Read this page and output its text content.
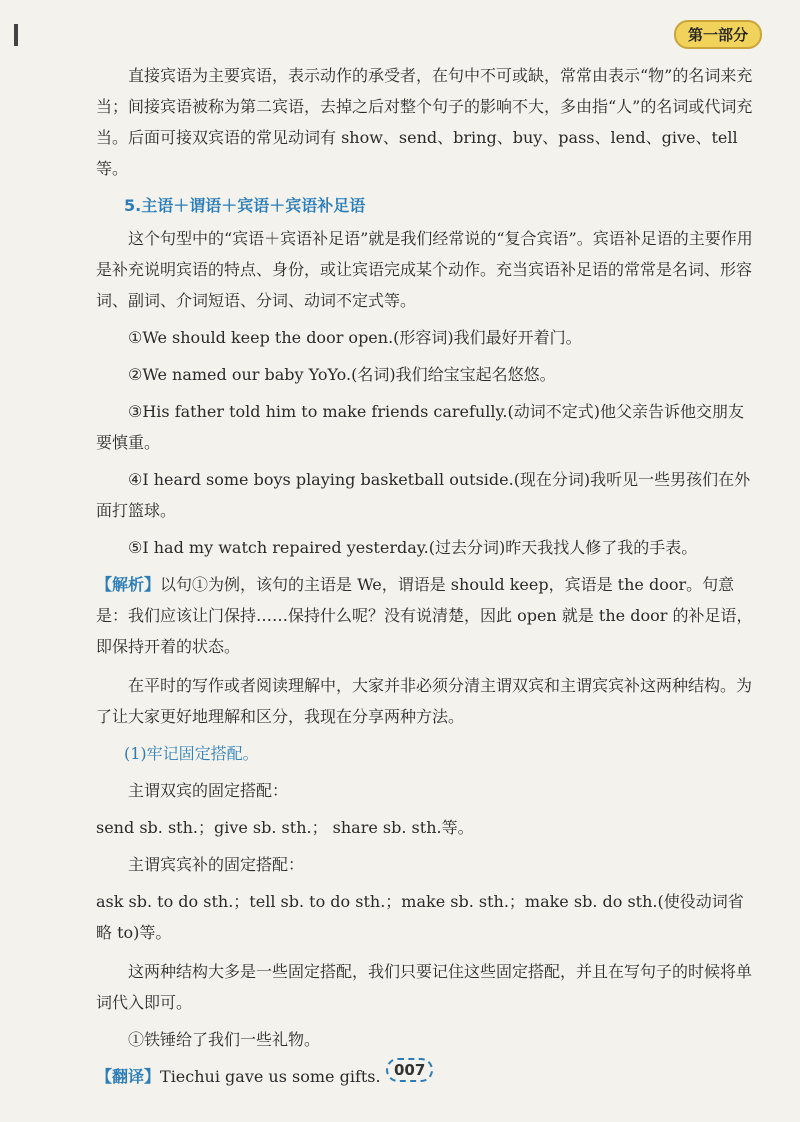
第一部分

直接宾语为主要宾语，表示动作的承受者，在句中不可或缺，常常由表示“物”的名词来充当；间接宾语被称为第二宾语，去掉之后对整个句子的影响不大，多由指“人”的名词或代词充当。后面可接双宾语的常见动词有 show、send、bring、buy、pass、lend、give、tell 等。

5.主语＋谓语＋宾语＋宾语补足语

这个句型中的“宾语＋宾语补足语”就是我们经常说的“复合宾语”。宾语补足语的主要作用是补充说明宾语的特点、身份，或让宾语完成某个动作。充当宾语补足语的常常是名词、形容词、副词、介词短语、分词、动词不定式等。

①We should keep the door open.(形容词)我们最好开着门。

②We named our baby YoYo.(名词)我们给宝宝起名悠悠。

③His father told him to make friends carefully.(动词不定式)他父亲告诉他交朋友要慎重。

④I heard some boys playing basketball outside.(现在分词)我听见一些男孩们在外面打篮球。

⑤I had my watch repaired yesterday.(过去分词)昨天我找人修了我的手表。

【解析】以句①为例，该句的主语是 We，谓语是 should keep，宾语是 the door。句意是：我们应该让门保持……保持什么呢？没有说清楚，因此 open 就是 the door 的补足语，即保持开着的状态。

在平时的写作或者阅读理解中，大家并非必须分清主谓双宾和主谓宾宾补这两种结构。为了让大家更好地理解和区分，我现在分享两种方法。

(1)牢记固定搭配。

主谓双宾的固定搭配：

send sb. sth.；give sb. sth.； share sb. sth.等。

主谓宾宾补的固定搭配：

ask sb. to do sth.；tell sb. to do sth.；make sb. sth.；make sb. do sth.(使役动词省略 to)等。

这两种结构大多是一些固定搭配，我们只要记住这些固定搭配，并且在写句子的时候将单词代入即可。

①铁锤给了我们一些礼物。

【翻译】Tiechui gave us some gifts. 007
